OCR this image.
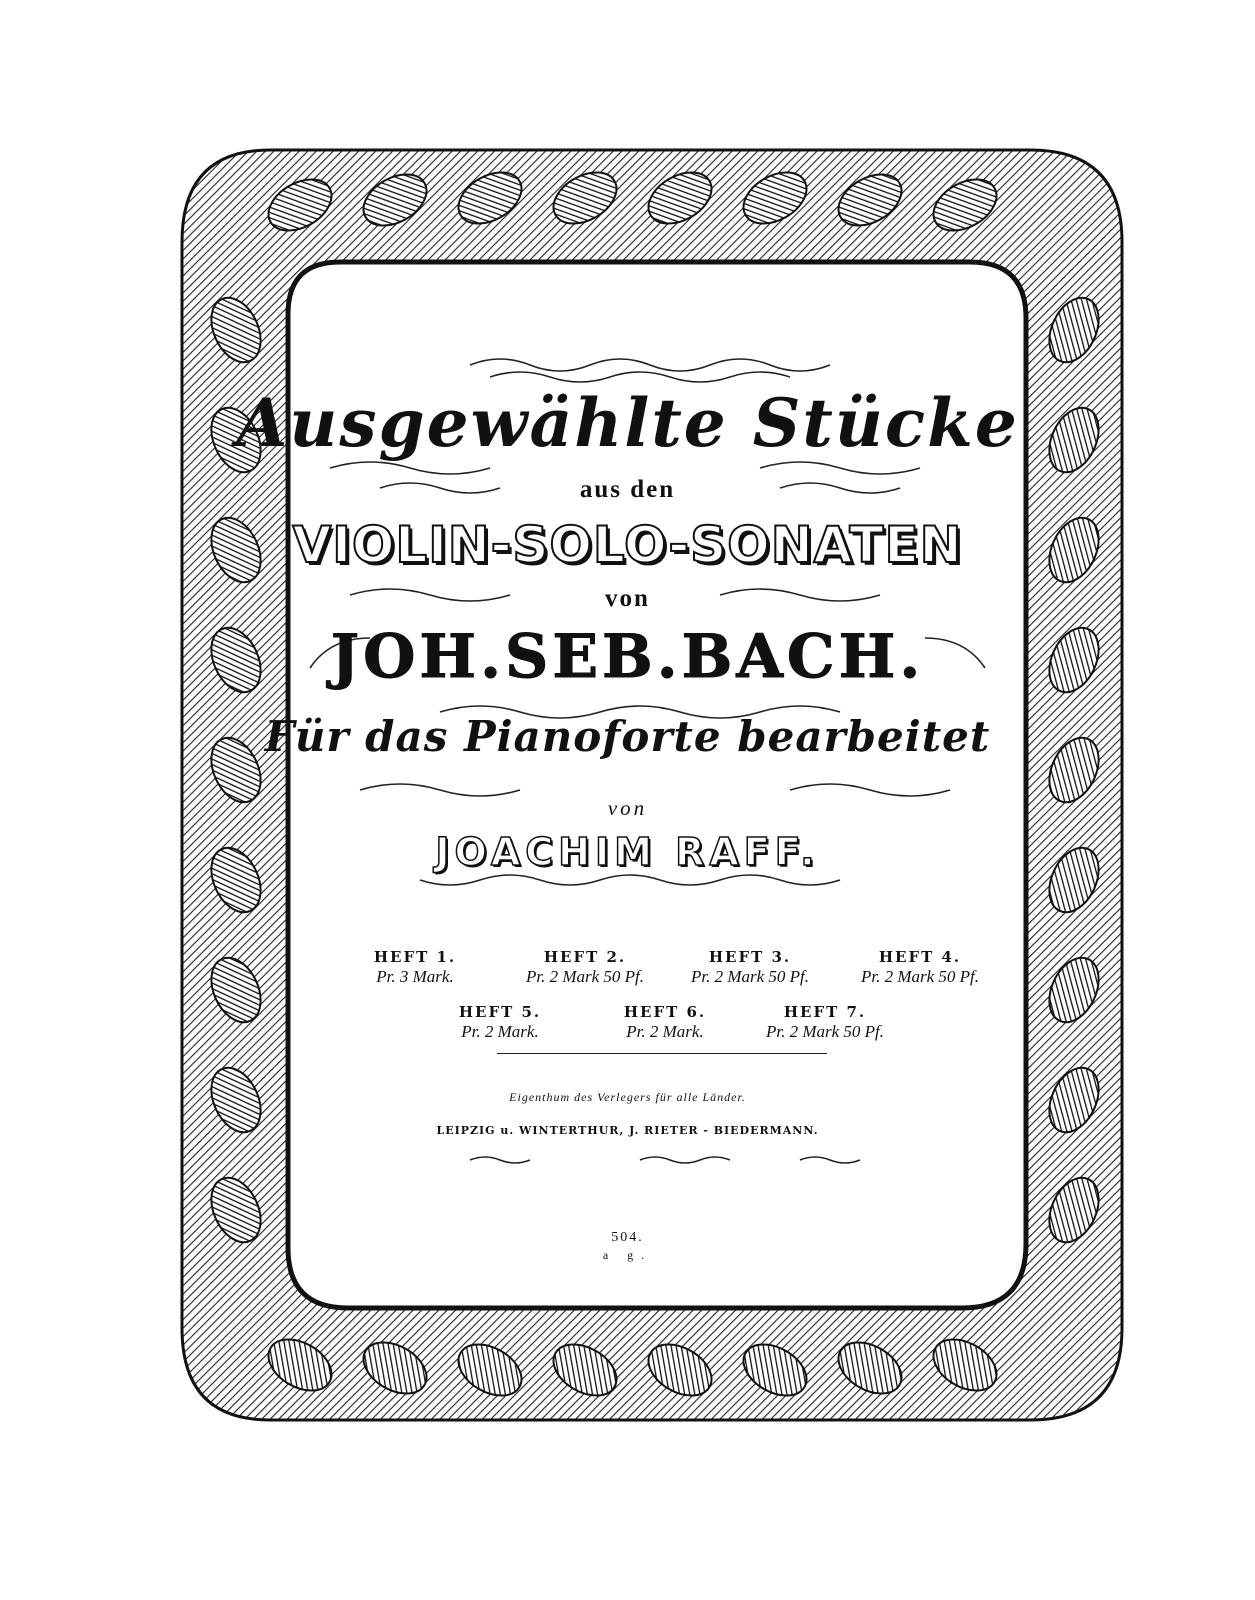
Ausgewählte Stücke
aus den
VIOLIN-SOLO-SONATEN
von
JOH.SEB.BACH.
Für das Pianoforte bearbeitet
von
JOACHIM RAFF.
HEFT 1.
Pr. 3 Mark.
HEFT 2.
Pr. 2 Mark 50 Pf.
HEFT 3.
Pr. 2 Mark 50 Pf.
HEFT 4.
Pr. 2 Mark 50 Pf.
HEFT 5.
Pr. 2 Mark.
HEFT 6.
Pr. 2 Mark.
HEFT 7.
Pr. 2 Mark 50 Pf.
Eigenthum des Verlegers für alle Länder.
LEIPZIG u. WINTERTHUR, J. RIETER - BIEDERMANN.
504.
a g.
